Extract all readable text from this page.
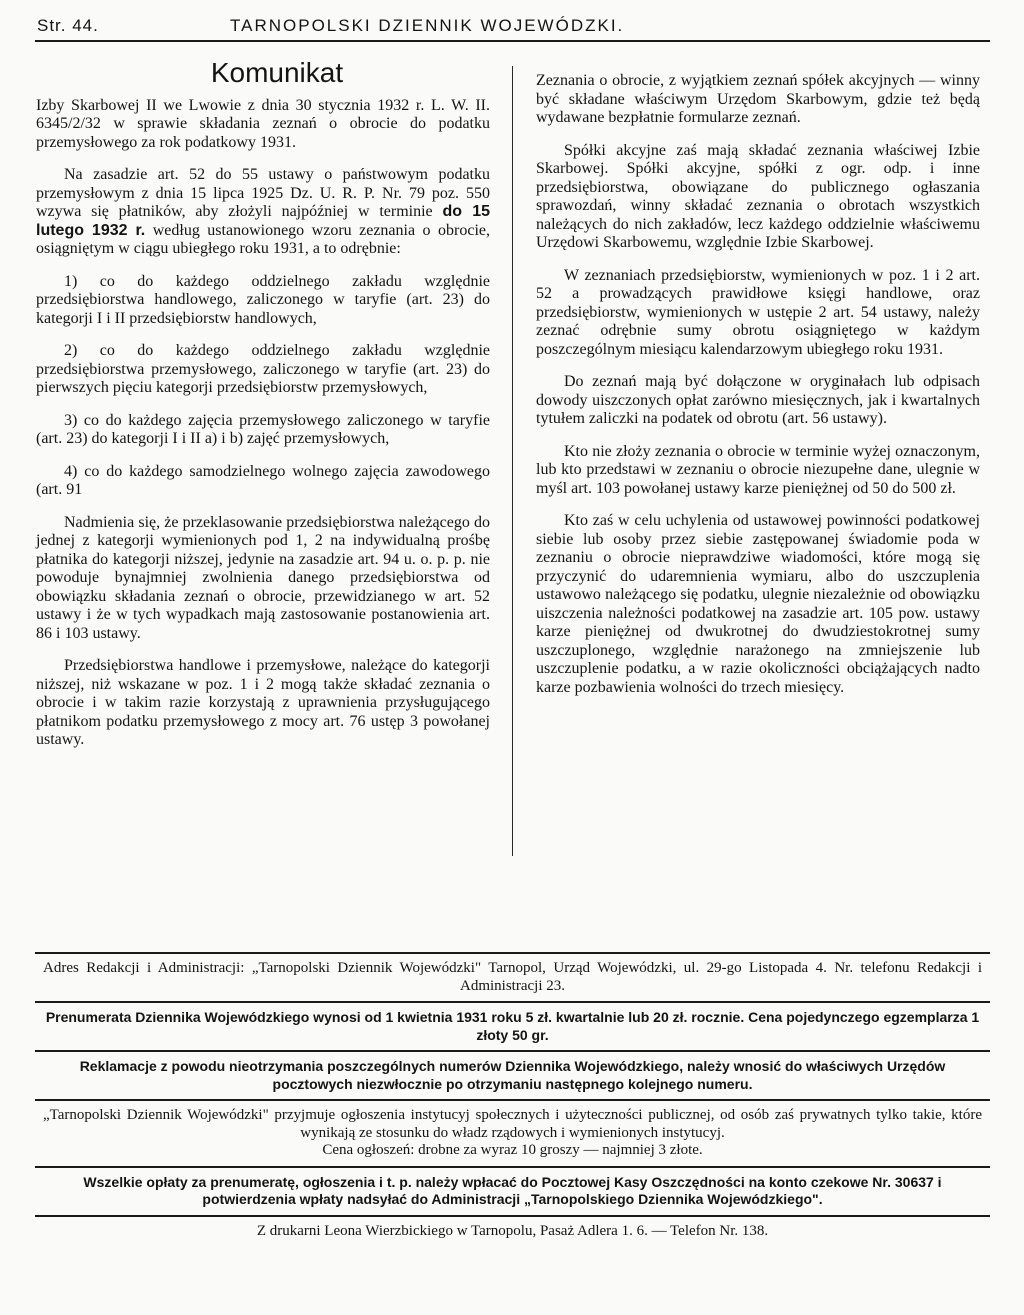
Str. 44.	TARNOPOLSKI DZIENNIK WOJEWÓDZKI.

Komunikat

Izby Skarbowej II we Lwowie z dnia 30 stycznia 1932 r. L. W. II. 6345/2/32 w sprawie składania zeznań o obrocie do podatku przemysłowego za rok podatkowy 1931.

Na zasadzie art. 52 do 55 ustawy o państwowym podatku przemysłowym z dnia 15 lipca 1925 Dz. U. R. P. Nr. 79 poz. 550 wzywa się płatników, aby złożyli najpóźniej w terminie do 15 lutego 1932 r. według ustanowionego wzoru zeznania o obrocie, osiągniętym w ciągu ubiegłego roku 1931, a to odrębnie:

1) co do każdego oddzielnego zakładu względnie przedsiębiorstwa handlowego, zaliczonego w taryfie (art. 23) do kategorji I i II przedsiębiorstw handlowych,

2) co do każdego oddzielnego zakładu względnie przedsiębiorstwa przemysłowego, zaliczonego w taryfie (art. 23) do pierwszych pięciu kategorji przedsiębiorstw przemysłowych,

3) co do każdego zajęcia przemysłowego zaliczonego w taryfie (art. 23) do kategorji I i II a) i b) zajęć przemysłowych,

4) co do każdego samodzielnego wolnego zajęcia zawodowego (art. 91

Nadmienia się, że przeklasowanie przedsiębiorstwa należącego do jednej z kategorji wymienionych pod 1, 2 na indywidualną prośbę płatnika do kategorji niższej, jedynie na zasadzie art. 94 u. o. p. p. nie powoduje bynajmniej zwolnienia danego przedsiębiorstwa od obowiązku składania zeznań o obrocie, przewidzianego w art. 52 ustawy i że w tych wypadkach mają zastosowanie postanowienia art. 86 i 103 ustawy.

Przedsiębiorstwa handlowe i przemysłowe, należące do kategorji niższej, niż wskazane w poz. 1 i 2 mogą także składać zeznania o obrocie i w takim razie korzystają z uprawnienia przysługującego płatnikom podatku przemysłowego z mocy art. 76 ustęp 3 powołanej ustawy.

Zeznania o obrocie, z wyjątkiem zeznań spółek akcyjnych — winny być składane właściwym Urzędom Skarbowym, gdzie też będą wydawane bezpłatnie formularze zeznań.

Spółki akcyjne zaś mają składać zeznania właściwej Izbie Skarbowej. Spółki akcyjne, spółki z ogr. odp. i inne przedsiębiorstwa, obowiązane do publicznego ogłaszania sprawozdań, winny składać zeznania o obrotach wszystkich należących do nich zakładów, lecz każdego oddzielnie właściwemu Urzędowi Skarbowemu, względnie Izbie Skarbowej.

W zeznaniach przedsiębiorstw, wymienionych w poz. 1 i 2 art. 52 a prowadzących prawidłowe księgi handlowe, oraz przedsiębiorstw, wymienionych w ustępie 2 art. 54 ustawy, należy zeznać odrębnie sumy obrotu osiągniętego w każdym poszczególnym miesiącu kalendarzowym ubiegłego roku 1931.

Do zeznań mają być dołączone w oryginałach lub odpisach dowody uiszczonych opłat zarówno miesięcznych, jak i kwartalnych tytułem zaliczki na podatek od obrotu (art. 56 ustawy).

Kto nie złoży zeznania o obrocie w terminie wyżej oznaczonym, lub kto przedstawi w zeznaniu o obrocie niezupełne dane, ulegnie w myśl art. 103 powołanej ustawy karze pieniężnej od 50 do 500 zł.

Kto zaś w celu uchylenia od ustawowej powinności podatkowej siebie lub osoby przez siebie zastępowanej świadomie poda w zeznaniu o obrocie nieprawdziwe wiadomości, które mogą się przyczynić do udaremnienia wymiaru, albo do uszczuplenia ustawowo należącego się podatku, ulegnie niezależnie od obowiązku uiszczenia należności podatkowej na zasadzie art. 105 pow. ustawy karze pieniężnej od dwukrotnej do dwudziestokrotnej sumy uszczuplonego, względnie narażonego na zmniejszenie lub uszczuplenie podatku, a w razie okoliczności obciążających nadto karze pozbawienia wolności do trzech miesięcy.

Adres Redakcji i Administracji: „Tarnopolski Dziennik Wojewódzki" Tarnopol, Urząd Wojewódzki, ul. 29-go Listopada 4. Nr. telefonu Redakcji i Administracji 23.

Prenumerata Dziennika Wojewódzkiego wynosi od 1 kwietnia 1931 roku 5 zł. kwartalnie lub 20 zł. rocznie. Cena pojedynczego egzemplarza 1 złoty 50 gr.

Reklamacje z powodu nieotrzymania poszczególnych numerów Dziennika Wojewódzkiego, należy wnosić do właściwych Urzędów pocztowych niezwłocznie po otrzymaniu następnego kolejnego numeru.

„Tarnopolski Dziennik Wojewódzki" przyjmuje ogłoszenia instytucyj społecznych i użyteczności publicznej, od osób zaś prywatnych tylko takie, które wynikają ze stosunku do władz rządowych i wymienionych instytucyj.

Cena ogłoszeń: drobne za wyraz 10 groszy — najmniej 3 złote.

Wszelkie opłaty za prenumeratę, ogłoszenia i t. p. należy wpłacać do Pocztowej Kasy Oszczędności na konto czekowe Nr. 30637 i potwierdzenia wpłaty nadsyłać do Administracji „Tarnopolskiego Dziennika Wojewódzkiego".

Z drukarni Leona Wierzbickiego w Tarnopolu, Pasaż Adlera 1. 6. — Telefon Nr. 138.
